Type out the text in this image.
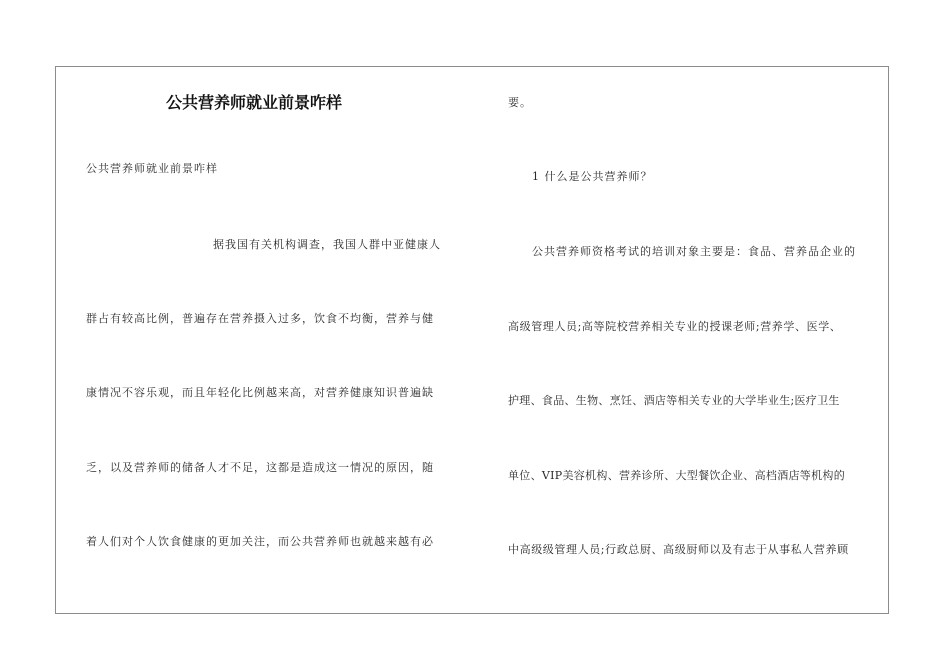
公共营养师就业前景咋样
公共营养师就业前景咋样
据我国有关机构调查，我国人群中亚健康人
群占有较高比例，普遍存在营养摄入过多，饮食不均衡，营养与健
康情况不容乐观，而且年轻化比例越来高，对营养健康知识普遍缺
乏，以及营养师的储备人才不足，这都是造成这一情况的原因，随
着人们对个人饮食健康的更加关注，而公共营养师也就越来越有必
要。
1 什么是公共营养师？
公共营养师资格考试的培训对象主要是：食品、营养品企业的
高级管理人员;高等院校营养相关专业的授课老师;营养学、医学、
护理、食品、生物、烹饪、酒店等相关专业的大学毕业生;医疗卫生
单位、VIP美容机构、营养诊所、大型餐饮企业、高档酒店等机构的
中高级级管理人员;行政总厨、高级厨师以及有志于从事私人营养顾
